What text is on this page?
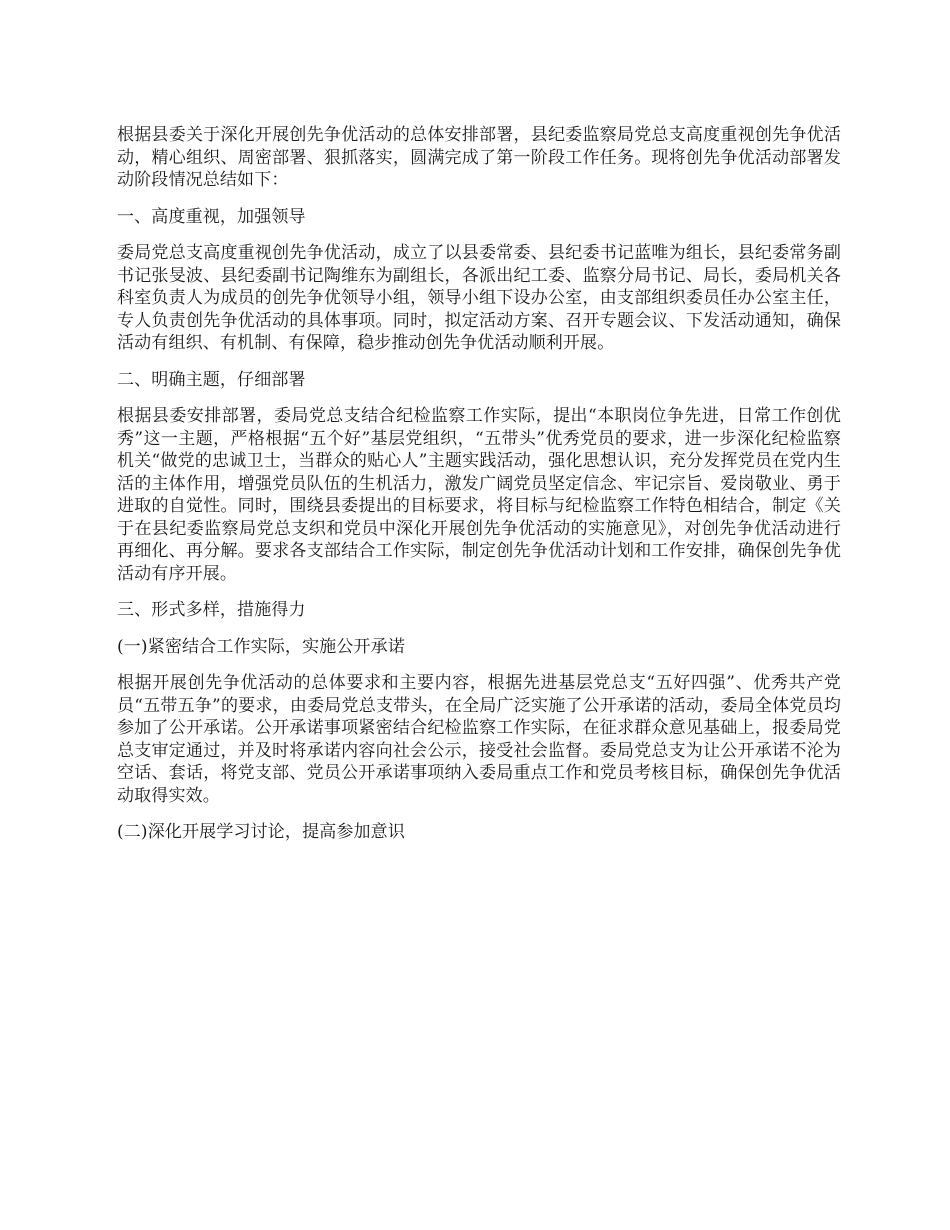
根据县委关于深化开展创先争优活动的总体安排部署，县纪委监察局党总支高度重视创先争优活动，精心组织、周密部署、狠抓落实，圆满完成了第一阶段工作任务。现将创先争优活动部署发动阶段情况总结如下：

一、高度重视，加强领导

委局党总支高度重视创先争优活动，成立了以县委常委、县纪委书记蓝唯为组长，县纪委常务副书记张旻波、县纪委副书记陶维东为副组长，各派出纪工委、监察分局书记、局长，委局机关各科室负责人为成员的创先争优领导小组，领导小组下设办公室，由支部组织委员任办公室主任，专人负责创先争优活动的具体事项。同时，拟定活动方案、召开专题会议、下发活动通知，确保活动有组织、有机制、有保障，稳步推动创先争优活动顺利开展。

二、明确主题，仔细部署

根据县委安排部署，委局党总支结合纪检监察工作实际，提出“本职岗位争先进，日常工作创优秀”这一主题，严格根据“五个好”基层党组织，“五带头”优秀党员的要求，进一步深化纪检监察机关“做党的忠诚卫士，当群众的贴心人”主题实践活动，强化思想认识，充分发挥党员在党内生活的主体作用，增强党员队伍的生机活力，激发广阔党员坚定信念、牢记宗旨、爱岗敬业、勇于进取的自觉性。同时，围绕县委提出的目标要求，将目标与纪检监察工作特色相结合，制定《关于在县纪委监察局党总支织和党员中深化开展创先争优活动的实施意见》，对创先争优活动进行再细化、再分解。要求各支部结合工作实际，制定创先争优活动计划和工作安排，确保创先争优活动有序开展。

三、形式多样，措施得力

(一)紧密结合工作实际，实施公开承诺

根据开展创先争优活动的总体要求和主要内容，根据先进基层党总支“五好四强”、优秀共产党员“五带五争”的要求，由委局党总支带头，在全局广泛实施了公开承诺的活动，委局全体党员均参加了公开承诺。公开承诺事项紧密结合纪检监察工作实际，在征求群众意见基础上，报委局党总支审定通过，并及时将承诺内容向社会公示，接受社会监督。委局党总支为让公开承诺不沦为空话、套话，将党支部、党员公开承诺事项纳入委局重点工作和党员考核目标，确保创先争优活动取得实效。

(二)深化开展学习讨论，提高参加意识
